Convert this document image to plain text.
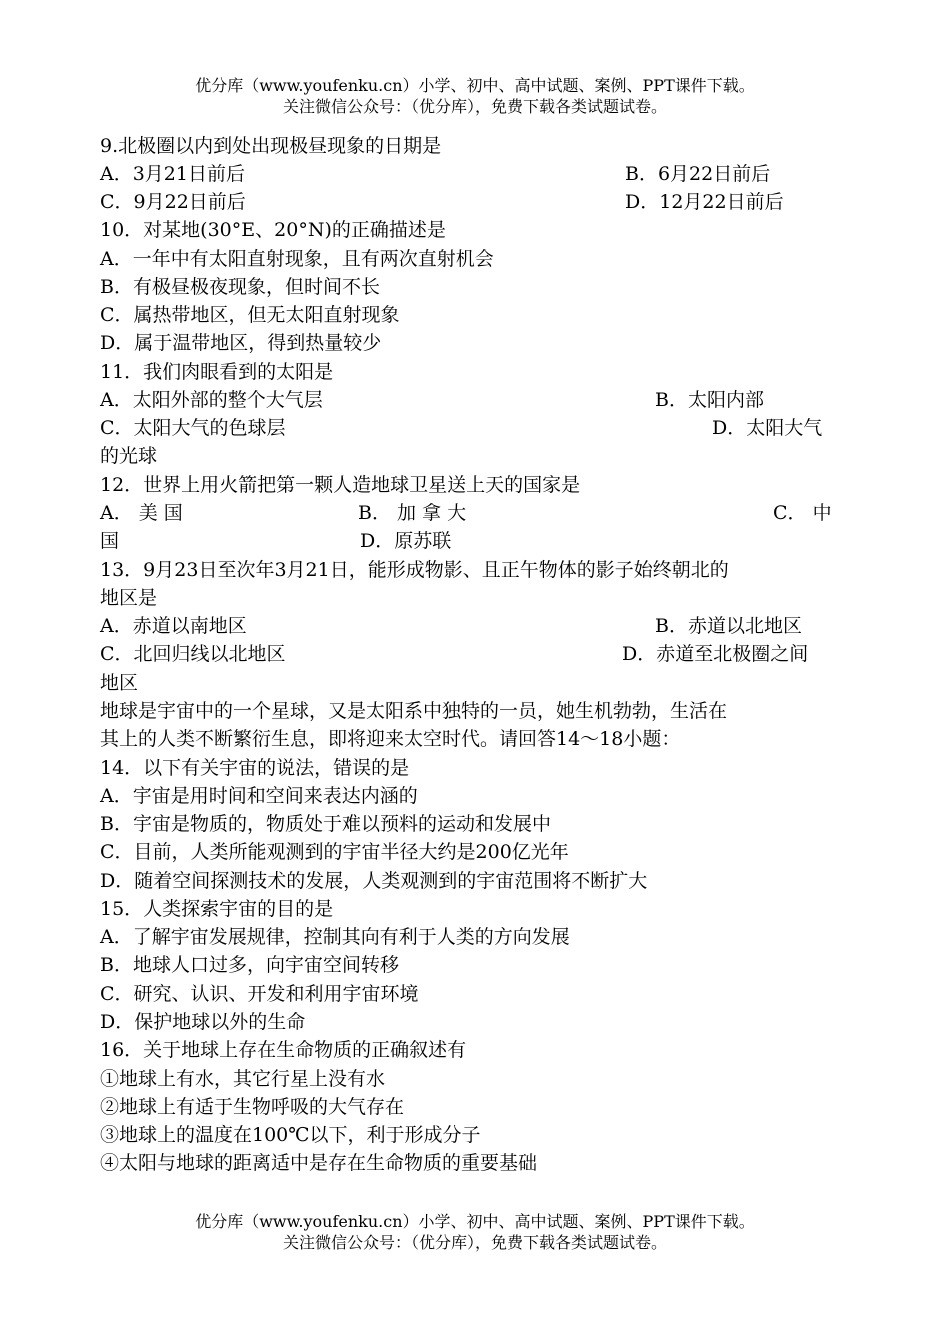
优分库（www.youfenku.cn）小学、初中、高中试题、案例、PPT课件下载。
关注微信公众号：（优分库），免费下载各类试题试卷。
9.北极圈以内到处出现极昼现象的日期是
A．3月21日前后	B．6月22日前后
C．9月22日前后	D．12月22日前后
10．对某地(30°E、20°N)的正确描述是
A．一年中有太阳直射现象，且有两次直射机会
B．有极昼极夜现象，但时间不长
C．属热带地区，但无太阳直射现象
D．属于温带地区，得到热量较少
11．我们肉眼看到的太阳是
A．太阳外部的整个大气层	B．太阳内部
C．太阳大气的色球层	D．太阳大气
的光球
12．世界上用火箭把第一颗人造地球卫星送上天的国家是
A． 美 国	B． 加 拿 大	C． 中
国	D．原苏联
13．9月23日至次年3月21日，能形成物影、且正午物体的影子始终朝北的
地区是
A．赤道以南地区	B．赤道以北地区
C．北回归线以北地区	D．赤道至北极圈之间
地区
地球是宇宙中的一个星球，又是太阳系中独特的一员，她生机勃勃，生活在
其上的人类不断繁衍生息，即将迎来太空时代。请回答14～18小题：
14．以下有关宇宙的说法，错误的是
A．宇宙是用时间和空间来表达内涵的
B．宇宙是物质的，物质处于难以预料的运动和发展中
C．目前，人类所能观测到的宇宙半径大约是200亿光年
D．随着空间探测技术的发展，人类观测到的宇宙范围将不断扩大
15．人类探索宇宙的目的是
A．了解宇宙发展规律，控制其向有利于人类的方向发展
B．地球人口过多，向宇宙空间转移
C．研究、认识、开发和利用宇宙环境
D．保护地球以外的生命
16．关于地球上存在生命物质的正确叙述有
①地球上有水，其它行星上没有水
②地球上有适于生物呼吸的大气存在
③地球上的温度在100℃以下，利于形成分子
④太阳与地球的距离适中是存在生命物质的重要基础
优分库（www.youfenku.cn）小学、初中、高中试题、案例、PPT课件下载。
关注微信公众号：（优分库），免费下载各类试题试卷。
